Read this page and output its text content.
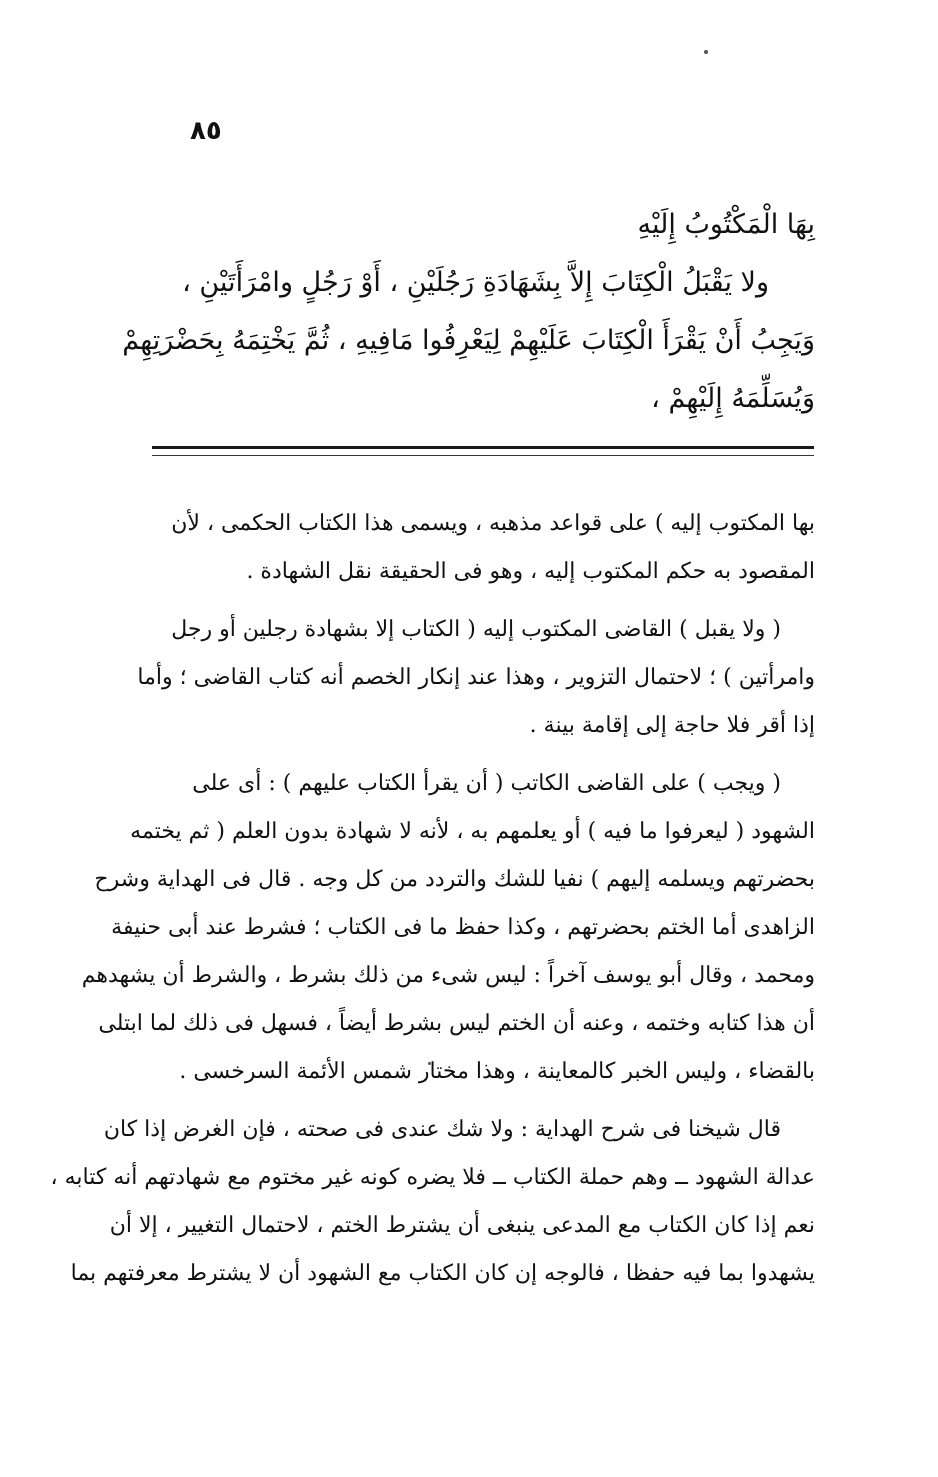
٨٥
بِهَا الْمَكْتُوبُ إِلَيْهِ
ولا يَقْبَلُ الْكِتَابَ إِلاَّ بِشَهَادَةِ رَجُلَيْنِ ، أَوْ رَجُلٍ وامْرَأَتَيْنِ ،
وَيَجِبُ أَنْ يَقْرَأَ الْكِتَابَ عَلَيْهِمْ لِيَعْرِفُوا مَافِيهِ ، ثُمَّ يَخْتِمَهُ بِحَضْرَتِهِمْ
وَيُسَلِّمَهُ إِلَيْهِمْ ،

بها المكتوب إليه ) على قواعد مذهبه ، ويسمى هذا الكتاب الحكمى ، لأن
المقصود به حكم المكتوب إليه ، وهو فى الحقيقة نقل الشهادة .

( ولا يقبل ) القاضى المكتوب إليه ( الكتاب إلا بشهادة رجلين أو رجل
وامرأتين ) ؛ لاحتمال التزوير ، وهذا عند إنكار الخصم أنه كتاب القاضى ؛ وأما
إذا أقر فلا حاجة إلى إقامة بينة .

( ويجب ) على القاضى الكاتب ( أن يقرأ الكتاب عليهم ) : أى على
الشهود ( ليعرفوا ما فيه ) أو يعلمهم به ، لأنه لا شهادة بدون العلم ( ثم يختمه
بحضرتهم ويسلمه إليهم ) نفيا للشك والتردد من كل وجه . قال فى الهداية وشرح
الزاهدى أما الختم بحضرتهم ، وكذا حفظ ما فى الكتاب ؛ فشرط عند أبى حنيفة
ومحمد ، وقال أبو يوسف آخراً : ليس شىء من ذلك بشرط ، والشرط أن يشهدهم
أن هذا كتابه وختمه ، وعنه أن الختم ليس بشرط أيضاً ، فسهل فى ذلك لما ابتلى
بالقضاء ، وليس الخبر كالمعاينة ، وهذا مختار شمس الأئمة السرخسى .

قال شيخنا فى شرح الهداية : ولا شك عندى فى صحته ، فإن الغرض إذا كان
عدالة الشهود ــ وهم حملة الكتاب ــ فلا يضره كونه غير مختوم مع شهادتهم أنه كتابه ،
نعم إذا كان الكتاب مع المدعى ينبغى أن يشترط الختم ، لاحتمال التغيير ، إلا أن
يشهدوا بما فيه حفظا ، فالوجه إن كان الكتاب مع الشهود أن لا يشترط معرفتهم بما
